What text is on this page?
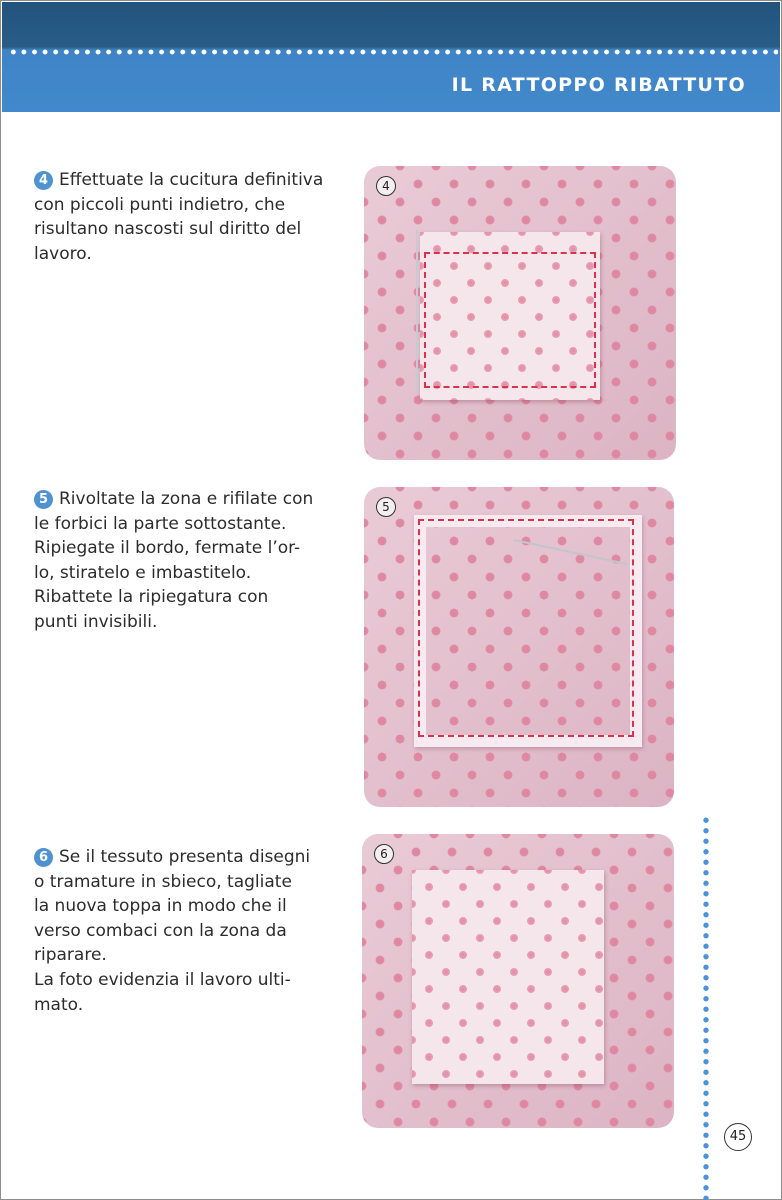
IL RATTOPPO RIBATTUTO

4 Effettuate la cucitura definitiva

con piccoli punti indietro, che

risultano nascosti sul diritto del

lavoro.

5 Rivoltate la zona e rifilate con

le forbici la parte sottostante.

Ripiegate il bordo, fermate l’or-

lo, stiratelo e imbastitelo.

Ribattete la ripiegatura con

punti invisibili.

6 Se il tessuto presenta disegni

o tramature in sbieco, tagliate

la nuova toppa in modo che il

verso combaci con la zona da

riparare.

La foto evidenzia il lavoro ulti-

mato.

4
5
6
45
